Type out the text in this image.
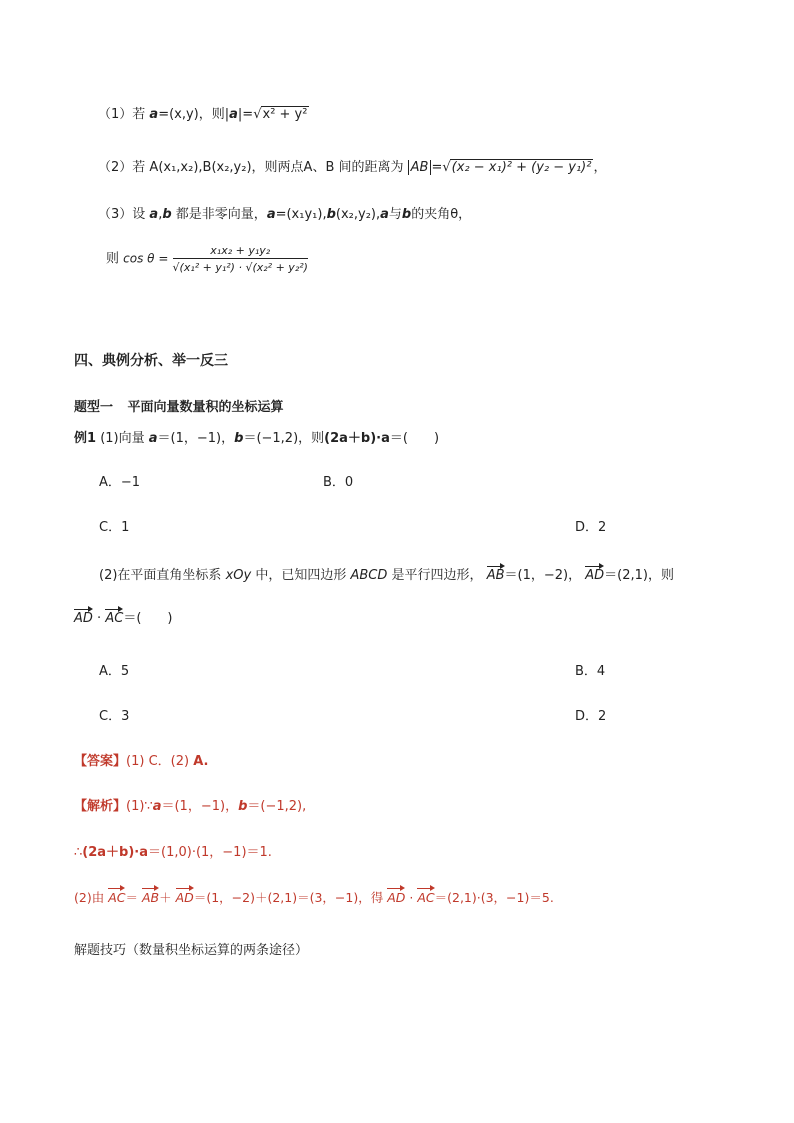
（1）若 a=(x,y)，则|a|=√x² + y²
（2）若 A(x₁,x₂),B(x₂,y₂)，则两点A、B 间的距离为 AB =√(x₂ − x₁)² + (y₂ − y₁)² ，
（3）设 a,b 都是非零向量，a=(x₁y₁),b(x₂,y₂),a与b的夹角θ，
则 $\cos \theta = \frac{\text{x₁x₂ + y₁y₂}}{\text{√(x₁² + y₁²) · √(x₂² + y₂²)}}$
四、典例分析、举一反三
题型一 平面向量数量积的坐标运算
例1 (1)向量 a＝(1，−1)，b＝(−1,2)，则(2a＋b)·a＝(　　)
A．−1	B．0
C．1	D．2
(2)在平面直角坐标系 xOy 中，已知四边形 ABCD 是平行四边形， AB＝(1，−2)， AD＝(2,1)，则
AD · AC＝(　　)
A．5	B．4
C．3	D．2
【答案】(1) C．(2) A.
【解析】(1)∵a＝(1，−1)，b＝(−1,2),
∴(2a＋b)·a＝(1,0)·(1，−1)＝1.
(2)由 AC＝ AB＋ AD＝(1，−2)＋(2,1)＝(3，−1)，得 AD · AC＝(2,1)·(3，−1)＝5.
解题技巧（数量积坐标运算的两条途径）
